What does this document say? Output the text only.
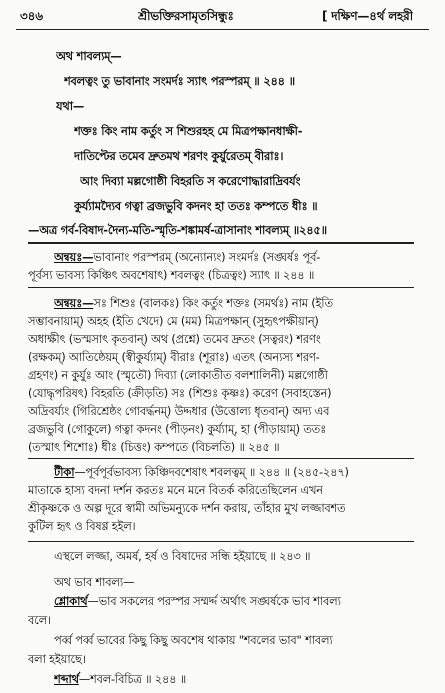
৩৪৬	শ্রীভক্তিরসামৃতসিন্ধুঃ	[ দক্ষিণ—৪র্থ লহরী
অথ শাবল্যম্‌—
শবলত্বং তু ভাবানাং সংমর্দঃ স্যাৎ পরস্পরম্‌ ॥ ২৪৪ ॥
যথা—
শক্তঃ কিং নাম কর্তুং স শিশুরহহ মে মিত্রপক্ষানধাক্ষী-
দাতিপ্টের তমেব দ্রুতমথ শরণং কুর্য়ুরেতম্‌ বীরাঃ।
আং দিব্যা মল্লগোষ্ঠী বিহরতি স করেণোদ্ধারাদ্রিবর্যং
কুর্য্যামদ্যৈব গত্বা ব্রজভুবি কদনং হা ততঃ কম্পতে ধীঃ ॥
—অত্র গর্ব-বিষাদ-দৈন্য-মতি-স্মৃতি-শঙ্কামর্ষ-ত্রাসানাং শাবল্যম্‌ ॥২৪৫॥
অন্বয়ঃ—ভাবানাং পরস্পরম্‌ (অন্যোন্যং) সংমর্দঃ (সঙ্ঘর্ষঃ পূর্ব-
পূর্বস্য ভাবস্য কিঞ্চিৎ অবশেষাৎ) শবলত্বং (চিত্রত্বং) স্যাৎ ॥ ২৪৪ ॥
অন্বয়ঃ—সঃ শিশুঃ (বালকঃ) কিং কর্তুং শক্তঃ (সমর্থঃ) নাম (ইতি
সম্ভাবনায়াম্‌) অহহ (ইতি খেদে) মে (মম) মিত্রপক্ষান্‌ (সুহৃৎপক্ষীয়ান্‌)
অধাক্ষীৎ (ভস্মসাৎ কৃতবান্‌) অথ (প্রশ্নে) তমেব দ্রুতং (সত্বরং) শরণং
(রক্ষকম্‌) আতিষ্ঠেয়ম্‌ (স্বীকুর্য্যাম্‌) বীরাঃ (শূরাঃ) এতৎ (অন্যস্য শরণ-
গ্রহণং) ন কুর্যুঃ আং (স্মৃতৌ) দিব্যা (লোকাতীত বলশালিনী) মল্লগোষ্ঠী
(যোদ্ধৃপরিষৎ) বিহরতি (ক্রীড়তি) সঃ (শিশুঃ কৃষ্ণঃ) করেণ (সবাহস্তেন)
অদ্রিবর্য্যং (গিরিশ্রেষ্ঠং গোবর্দ্ধনম্‌) উদ্দধার (উত্তোল্য ধৃতবান্‌) অদ্য এব
ব্রজভুবি (গোকুলে) গত্বা কদনং (পীড়নং) কুর্য্যাম্‌, হা (পীড়ায়াম্‌) ততঃ
(তস্মাৎ শিশোঃ) ধীঃ (চিত্তং) কম্পতে (বিচলতি) ॥ ২৪৫ ॥
টীকা—পূর্বপূর্বভাবস্য কিঞ্চিদবশেষাৎ শবলত্বম্‌ ॥ ২৪৪ ॥ (২৪৫-২৪৭)
মাতাকে হাস্য বদনা দর্শন করতঃ মনে মনে বিতর্ক করিতেছিলেন এখন
শ্রীকৃষ্ণকে ও অল্প দূরে স্বামী অভিমন্যুকে দর্শন করায়, তাঁহার মুখ লজ্জাবশত
কুটিল হৃৎ ও বিষণ্ণ হইল।
এস্থলে লজ্জা, অমর্ষ, হর্ষ ও বিষাদের সন্ধি হইয়াছে ॥ ২৪৩ ॥
অথ ভাব শাবল্য—
শ্লোকার্থ—ভাব সকলের পরস্পর সম্মর্দ্দ অর্থাৎ সঙ্ঘর্ষকে ভাব শাবল্য
বলে।
পর্ব্ব পর্ব্ব ভাবের কিছু কিছু অবশেষ থাকায় "শবলের ভাব" শাবল্য
বলা হইয়াছে।
শব্দার্থ—শবল-বিচিত্র ॥ ২৪৪ ॥
